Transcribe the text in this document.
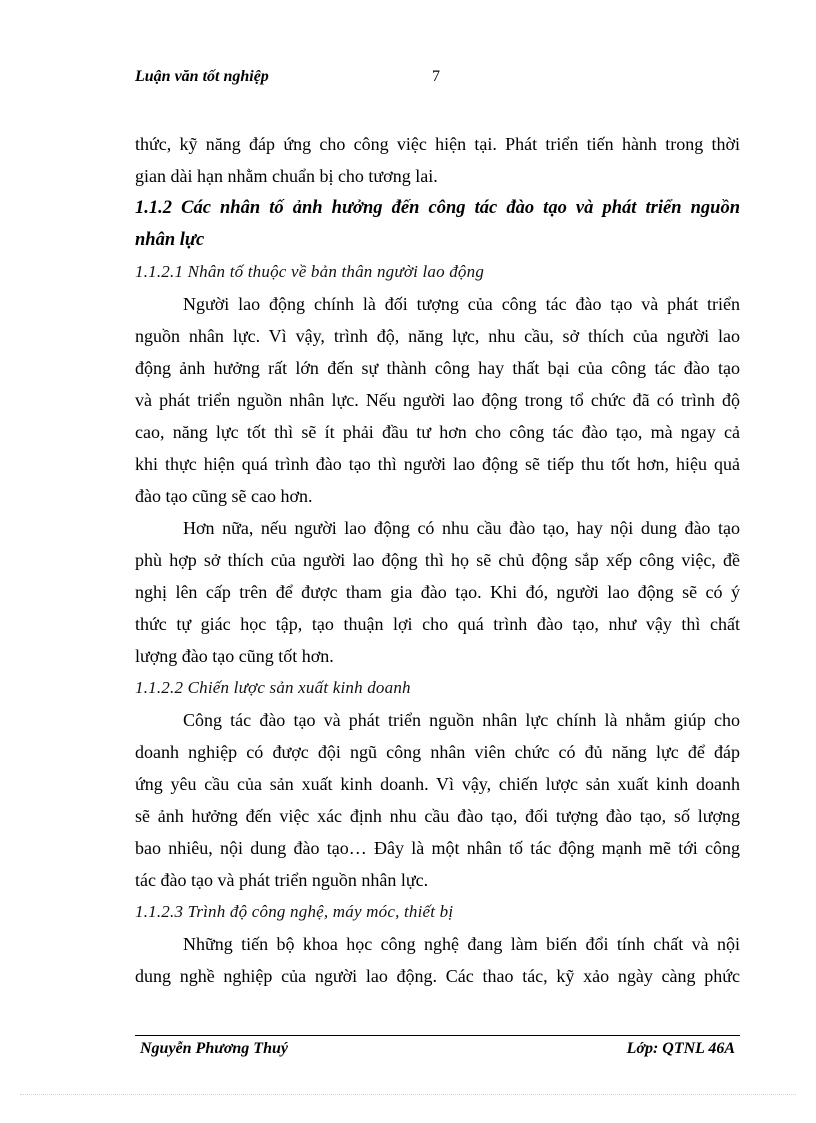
Luận văn tốt nghiệp	7
thức, kỹ năng đáp ứng cho công việc hiện tại. Phát triển tiến hành trong thời
gian dài hạn nhằm chuẩn bị cho tương lai.
1.1.2 Các nhân tố ảnh hưởng đến công tác đào tạo và phát triển nguồn
nhân lực
1.1.2.1 Nhân tố thuộc về bản thân người lao động
Người lao động chính là đối tượng của công tác đào tạo và phát triển
nguồn nhân lực. Vì vậy, trình độ, năng lực, nhu cầu, sở thích của người lao
động ảnh hưởng rất lớn đến sự thành công hay thất bại của công tác đào tạo
và phát triển nguồn nhân lực. Nếu người lao động trong tổ chức đã có trình độ
cao, năng lực tốt thì sẽ ít phải đầu tư hơn cho công tác đào tạo, mà ngay cả
khi thực hiện quá trình đào tạo thì người lao động sẽ tiếp thu tốt hơn, hiệu quả
đào tạo cũng sẽ cao hơn.
Hơn nữa, nếu người lao động có nhu cầu đào tạo, hay nội dung đào tạo
phù hợp sở thích của người lao động thì họ sẽ chủ động sắp xếp công việc, đề
nghị lên cấp trên để được tham gia đào tạo. Khi đó, người lao động sẽ có ý
thức tự giác học tập, tạo thuận lợi cho quá trình đào tạo, như vậy thì chất
lượng đào tạo cũng tốt hơn.
1.1.2.2 Chiến lược sản xuất kinh doanh
Công tác đào tạo và phát triển nguồn nhân lực chính là nhằm giúp cho
doanh nghiệp có được đội ngũ công nhân viên chức có đủ năng lực để đáp
ứng yêu cầu của sản xuất kinh doanh. Vì vậy, chiến lược sản xuất kinh doanh
sẽ ảnh hưởng đến việc xác định nhu cầu đào tạo, đối tượng đào tạo, số lượng
bao nhiêu, nội dung đào tạo… Đây là một nhân tố tác động mạnh mẽ tới công
tác đào tạo và phát triển nguồn nhân lực.
1.1.2.3 Trình độ công nghệ, máy móc, thiết bị
Những tiến bộ khoa học công nghệ đang làm biến đổi tính chất và nội
dung nghề nghiệp của người lao động. Các thao tác, kỹ xảo ngày càng phức
Nguyễn Phương Thuý	Lớp: QTNL 46A
